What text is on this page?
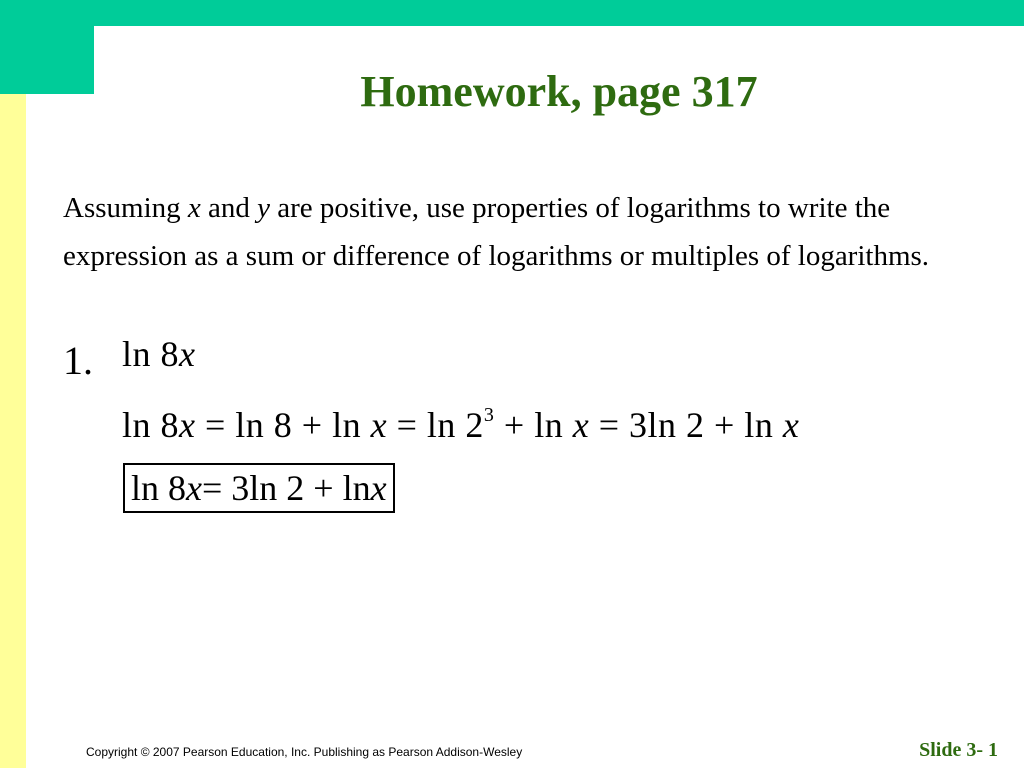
Homework, page 317
Assuming x and y are positive, use properties of logarithms to write the expression as a sum or difference of logarithms or multiples of logarithms.
1. ln 8x
$\ln 8x = \ln 8 + \ln x = \ln 2^3 + \ln x = 3\ln$ 2 + ln x
ln 8 x = 3ln 2 + ln x
Copyright © 2007 Pearson Education, Inc. Publishing as Pearson Addison-Wesley	Slide 3- 1
